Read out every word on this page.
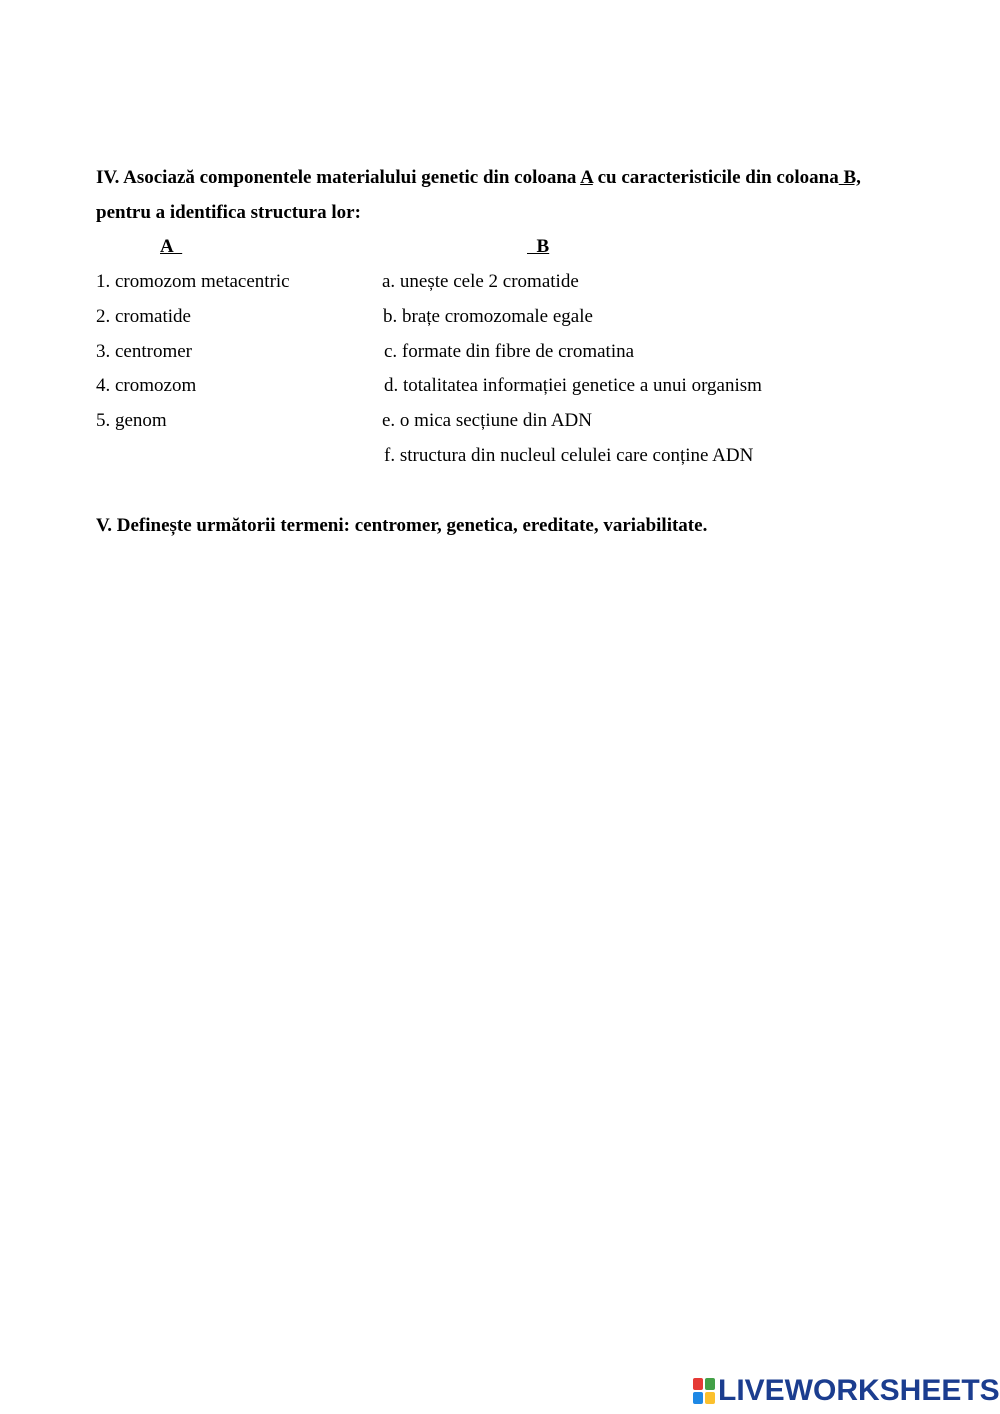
IV. Asociază componentele materialului genetic din coloana A cu caracteristicile din coloana B,
pentru a identifica structura lor:
A	B
1. cromozom metacentric
2. cromatide
3. centromer
4. cromozom
5. genom
a. unește cele 2 cromatide
b. brațe cromozomale egale
c. formate din fibre de cromatina
d. totalitatea informației genetice a unui organism
e. o mica secțiune din ADN
f. structura din nucleul celulei care conține ADN
V. Definește următorii termeni: centromer, genetica, ereditate, variabilitate.
LIVEWORKSHEETS
